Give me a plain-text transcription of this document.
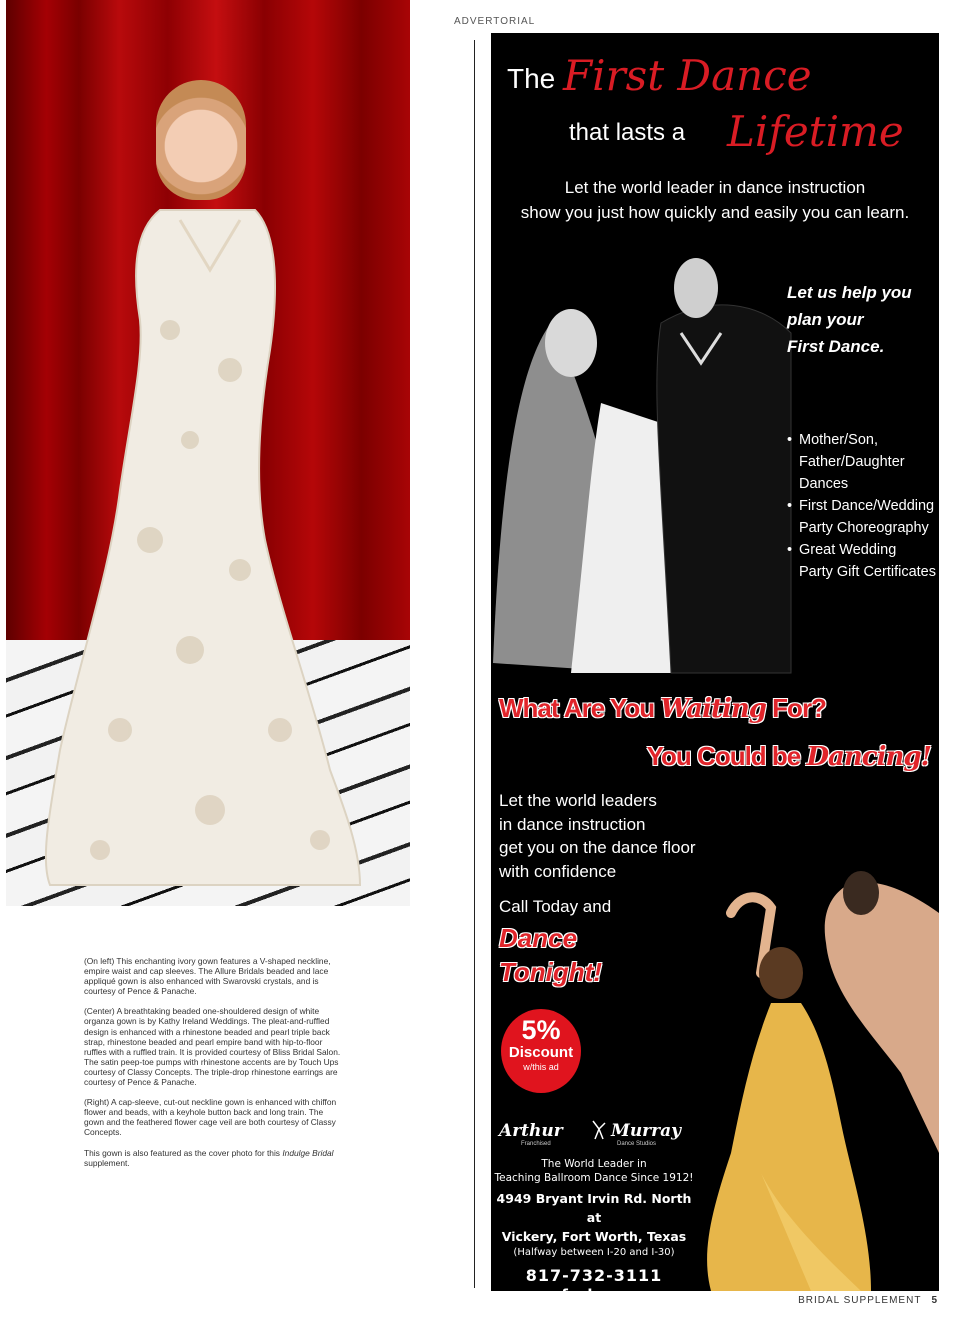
(On left) This enchanting ivory gown features a V-shaped neckline, empire waist and cap sleeves. The Allure Bridals beaded and lace appliqué gown is also enhanced with Swarovski crystals, and is courtesy of Pence & Panache.

(Center) A breathtaking beaded one-shouldered design of white organza gown is by Kathy Ireland Weddings. The pleat-and-ruffled design is enhanced with a rhinestone beaded and pearl triple back strap, rhinestone beaded and pearl empire band with hip-to-floor ruffles with a ruffled train. It is provided courtesy of Bliss Bridal Salon. The satin peep-toe pumps with rhinestone accents are by Touch Ups courtesy of Classy Concepts. The triple-drop rhinestone earrings are courtesy of Pence & Panache.

(Right) A cap-sleeve, cut-out neckline gown is enhanced with chiffon flower and beads, with a keyhole button back and long train. The gown and the feathered flower cage veil are both courtesy of Classy Concepts.

This gown is also featured as the cover photo for this Indulge Bridal supplement.

ADVERTORIAL
The First Dance
that lasts a Lifetime
Let the world leader in dance instruction
show you just how quickly and easily you can learn.
Let us help you
plan your
First Dance.
• Mother/Son,
Father/Daughter
Dances
• First Dance/Wedding
Party Choreography
• Great Wedding
Party Gift Certificates
What Are You Waiting For?
You Could be Dancing!
Let the world leaders
in dance instruction
get you on the dance floor
with confidence
Call Today and
Dance
Tonight!
5%
Discount
w/this ad
Arthur	Murray
Franchised	Dance Studios
The World Leader in
Teaching Ballroom Dance Since 1912!
4949 Bryant Irvin Rd. North at
Vickery, Fort Worth, Texas
(Halfway between I-20 and I-30)
817-732-3111
www.fwdance.com	BRIDAL SUPPLEMENT 5
